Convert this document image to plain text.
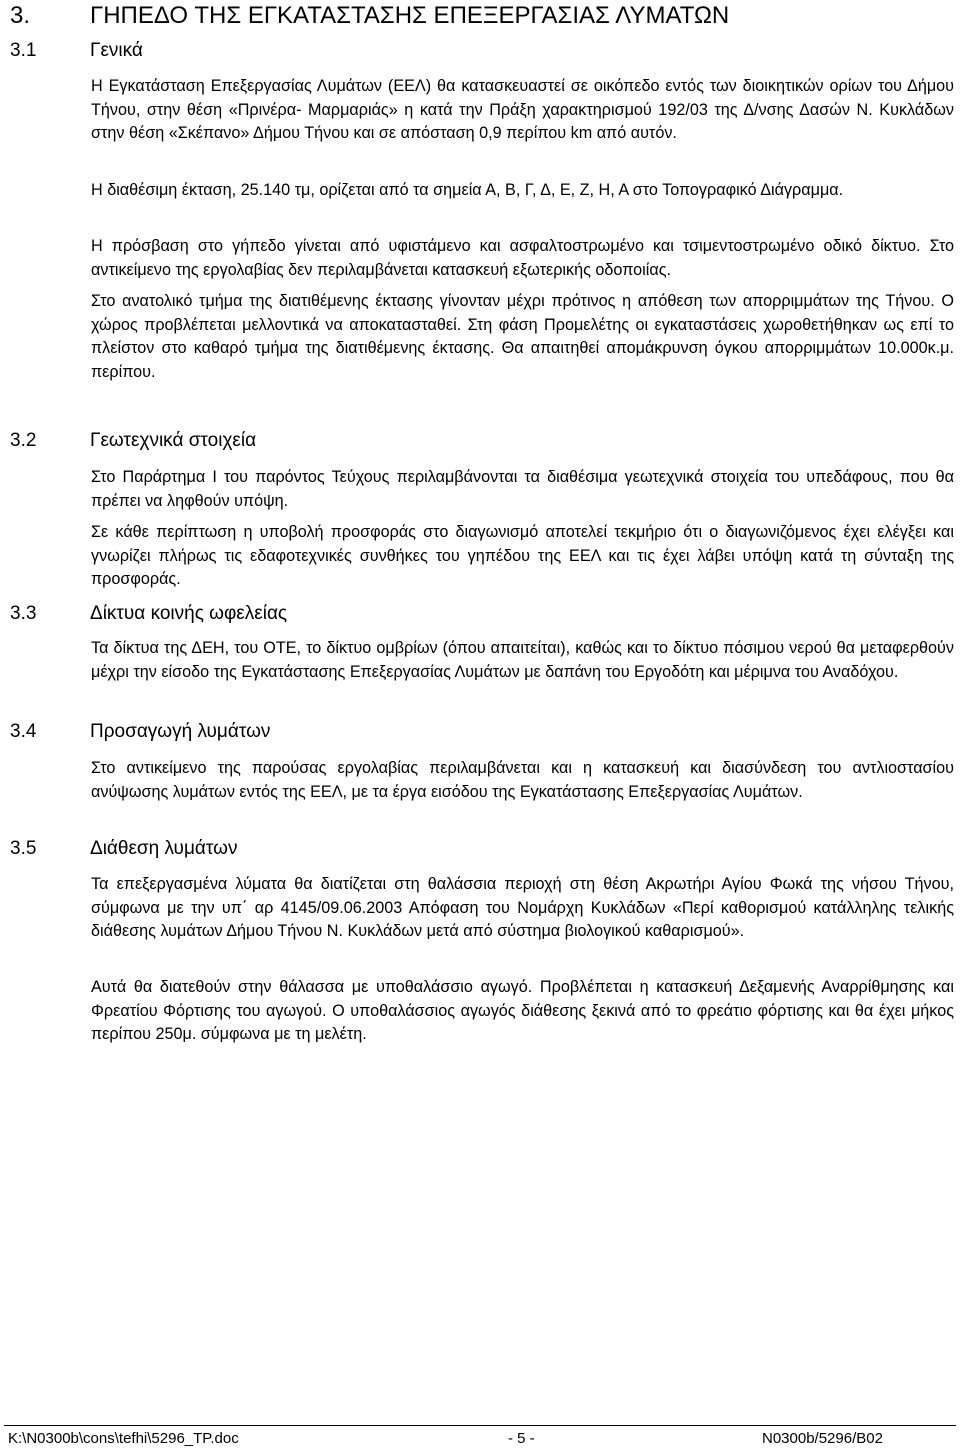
3. ΓΗΠΕΔΟ ΤΗΣ ΕΓΚΑΤΑΣΤΑΣΗΣ ΕΠΕΞΕΡΓΑΣΙΑΣ ΛΥΜΑΤΩΝ
3.1	Γενικά

Η Εγκατάσταση Επεξεργασίας Λυμάτων (ΕΕΛ) θα κατασκευαστεί σε οικόπεδο εντός των διοικητικών ορίων του Δήμου Τήνου, στην θέση «Πρινέρα- Μαρμαριάς» η κατά την Πράξη χαρακτηρισμού 192/03 της Δ/νσης Δασών Ν. Κυκλάδων στην θέση «Σκέπανο» Δήμου Τήνου και σε απόσταση 0,9 περίπου km από αυτόν.

Η διαθέσιμη έκταση, 25.140 τμ, ορίζεται από τα σημεία Α, Β, Γ, Δ, Ε, Ζ, Η, Α στο Τοπογραφικό Διάγραμμα.

Η πρόσβαση στο γήπεδο γίνεται από υφιστάμενο και ασφαλτοστρωμένο και τσιμεντοστρωμένο οδικό δίκτυο. Στο αντικείμενο της εργολαβίας δεν περιλαμβάνεται κατασκευή εξωτερικής οδοποιίας.

Στο ανατολικό τμήμα της διατιθέμενης έκτασης γίνονταν μέχρι πρότινος η απόθεση των απορριμμάτων της Τήνου. Ο χώρος προβλέπεται μελλοντικά να αποκατασταθεί. Στη φάση Προμελέτης οι εγκαταστάσεις χωροθετήθηκαν ως επί το πλείστον στο καθαρό τμήμα της διατιθέμενης έκτασης. Θα απαιτηθεί απομάκρυνση όγκου απορριμμάτων 10.000κ.μ. περίπου.

3.2	Γεωτεχνικά στοιχεία

Στο Παράρτημα Ι του παρόντος Τεύχους περιλαμβάνονται τα διαθέσιμα γεωτεχνικά στοιχεία του υπεδάφους, που θα πρέπει να ληφθούν υπόψη.

Σε κάθε περίπτωση η υποβολή προσφοράς στο διαγωνισμό αποτελεί τεκμήριο ότι ο διαγωνιζόμενος έχει ελέγξει και γνωρίζει πλήρως τις εδαφοτεχνικές συνθήκες του γηπέδου της ΕΕΛ και τις έχει λάβει υπόψη κατά τη σύνταξη της προσφοράς.

3.3	Δίκτυα κοινής ωφελείας

Τα δίκτυα της ΔΕΗ, του ΟΤΕ, το δίκτυο ομβρίων (όπου απαιτείται), καθώς και το δίκτυο πόσιμου νερού θα μεταφερθούν μέχρι την είσοδο της Εγκατάστασης Επεξεργασίας Λυμάτων με δαπάνη του Εργοδότη και μέριμνα του Αναδόχου.

3.4	Προσαγωγή λυμάτων

Στο αντικείμενο της παρούσας εργολαβίας περιλαμβάνεται και η κατασκευή και διασύνδεση του αντλιοστασίου ανύψωσης λυμάτων εντός της ΕΕΛ, με τα έργα εισόδου της Εγκατάστασης Επεξεργασίας Λυμάτων.

3.5	Διάθεση λυμάτων

Τα επεξεργασμένα λύματα θα διατίζεται στη θαλάσσια περιοχή στη θέση Ακρωτήρι Αγίου Φωκά της νήσου Τήνου, σύμφωνα με την υπ΄ αρ 4145/09.06.2003 Απόφαση του Νομάρχη Κυκλάδων «Περί καθορισμού κατάλληλης τελικής διάθεσης λυμάτων Δήμου Τήνου Ν. Κυκλάδων μετά από σύστημα βιολογικού καθαρισμού».

Αυτά θα διατεθούν στην θάλασσα με υποθαλάσσιο αγωγό. Προβλέπεται η κατασκευή Δεξαμενής Αναρρίθμησης και Φρεατίου Φόρτισης του αγωγού. Ο υποθαλάσσιος αγωγός διάθεσης ξεκινά από το φρεάτιο φόρτισης και θα έχει μήκος περίπου 250μ. σύμφωνα με τη μελέτη.

K:\N0300b\cons\tefhi\5296_TP.doc	- 5 -	N0300b/5296/B02
